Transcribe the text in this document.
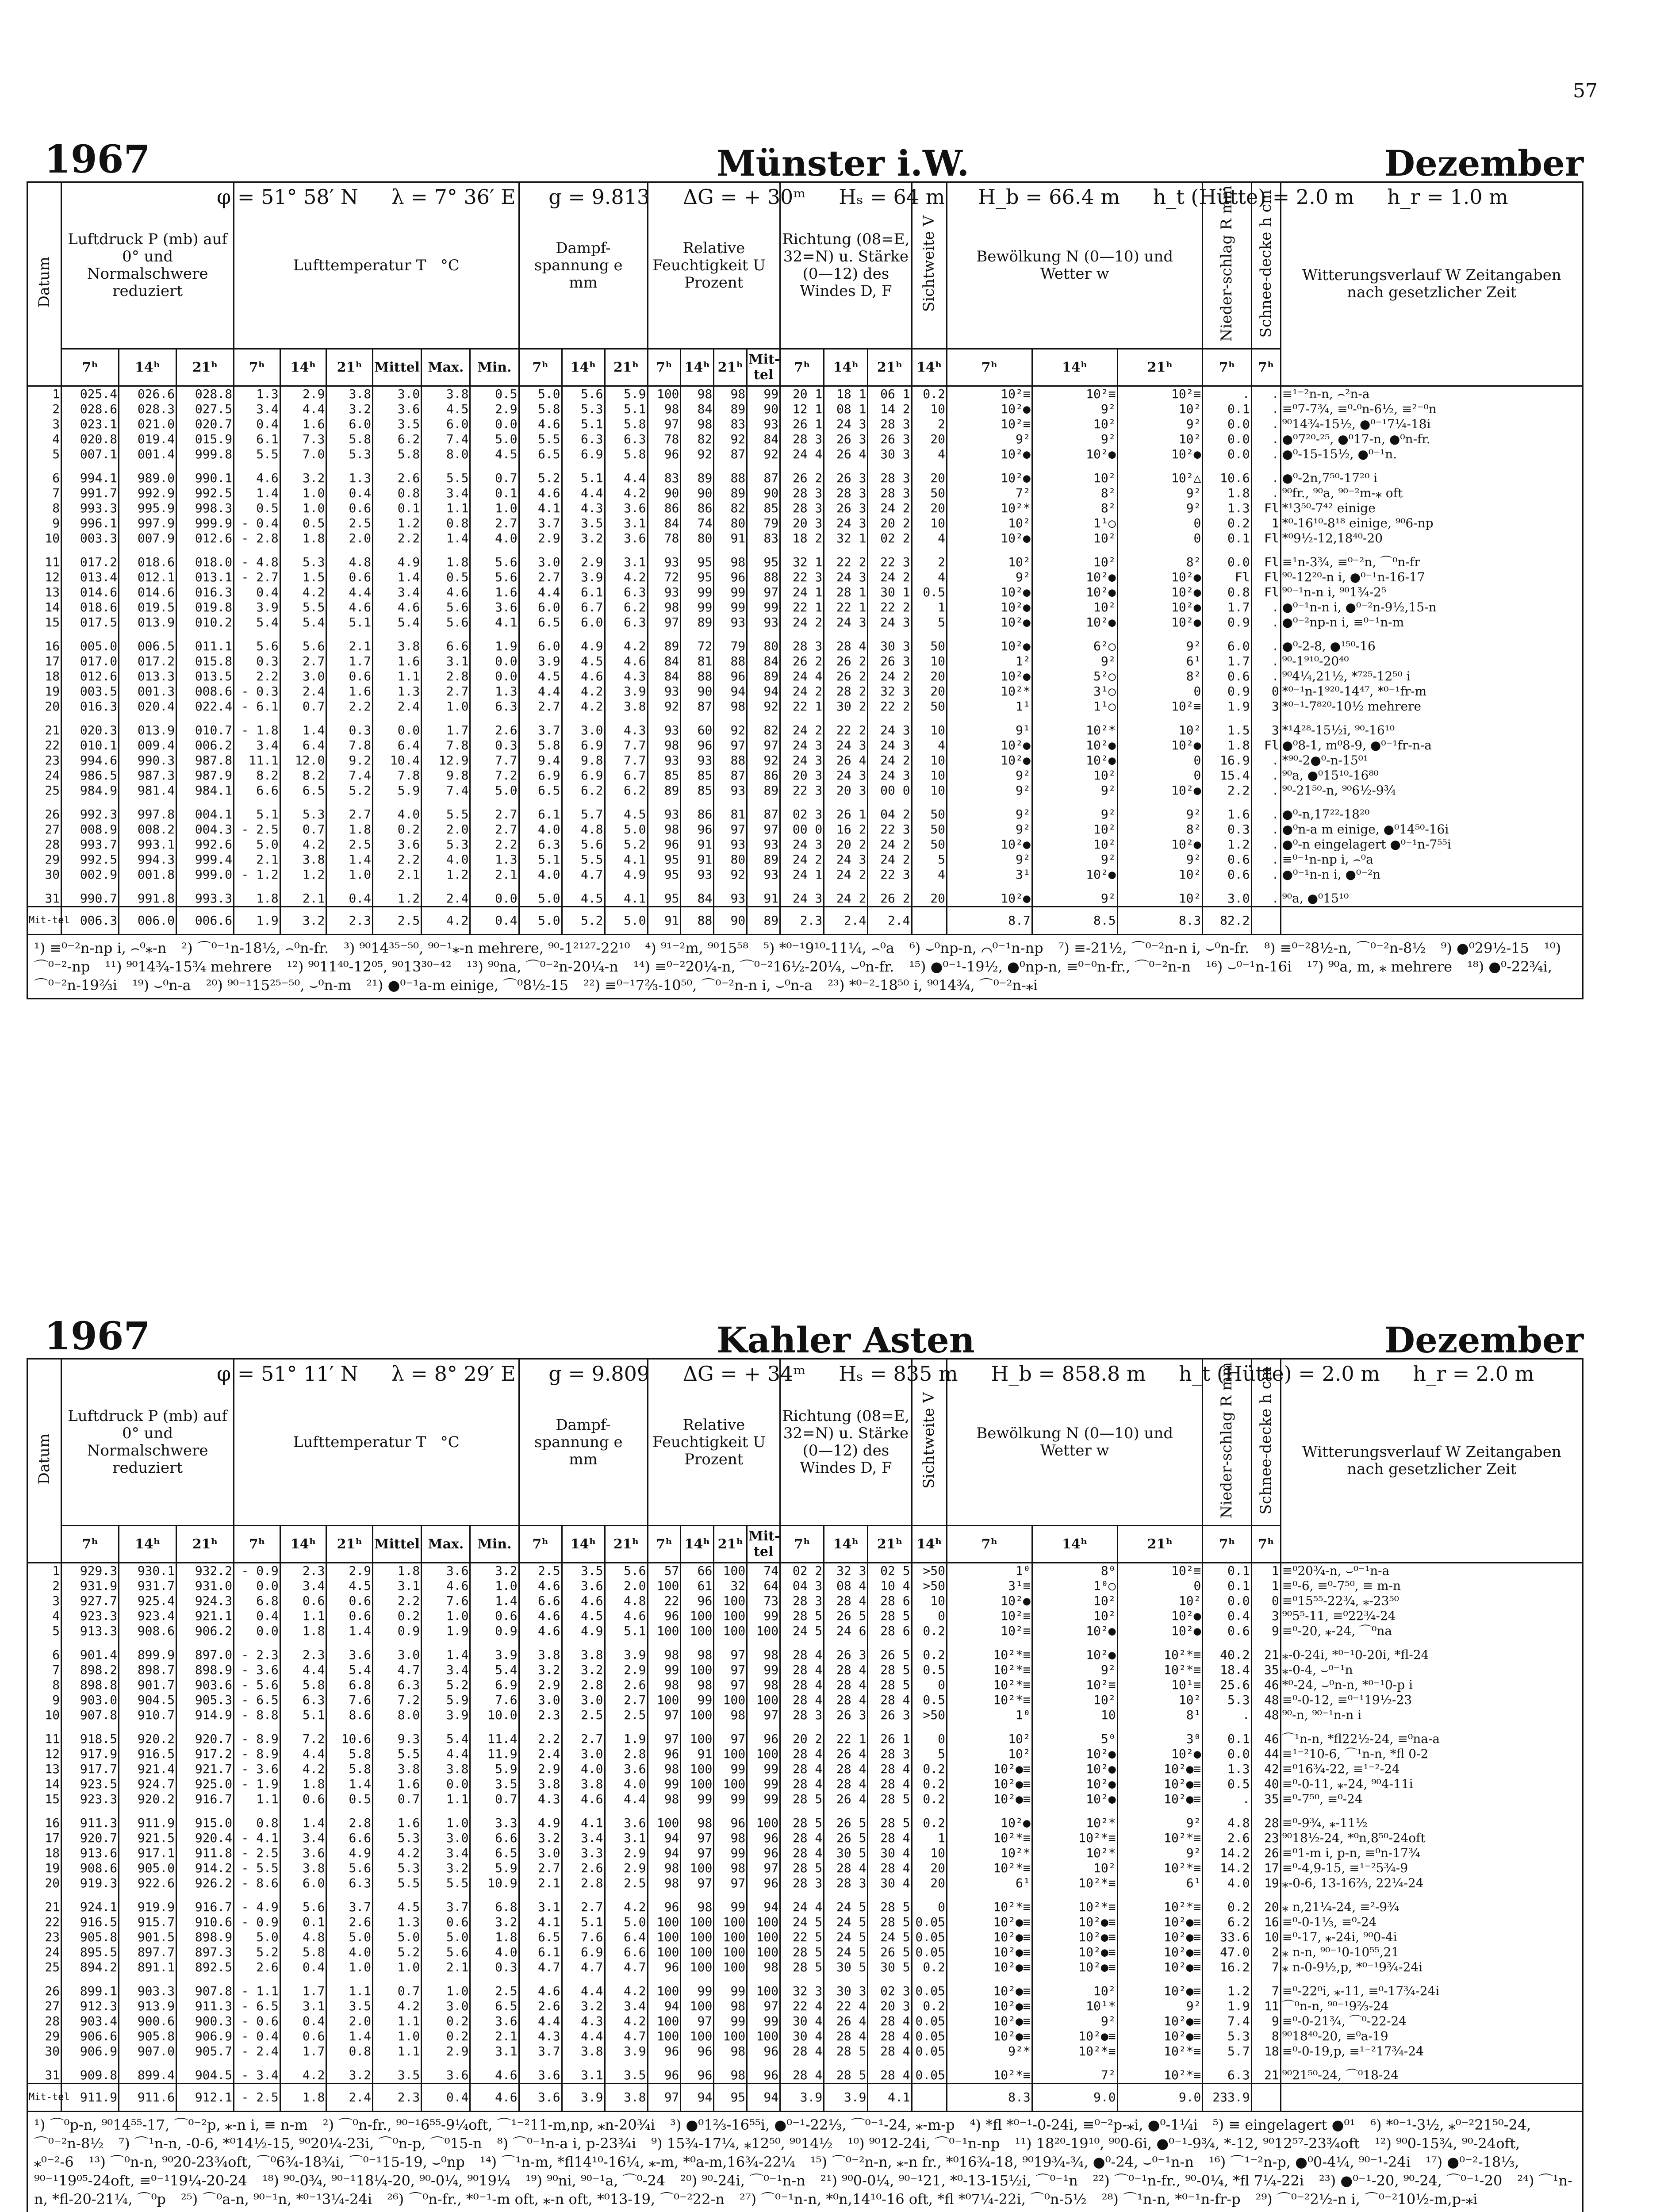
57
1967	Münster i.W.	Dezember
φ = 51° 58′ N λ = 7° 36′ E g = 9.813 ΔG = + 30ᵐ Hₛ = 64 m H_b = 66.4 m h_t (Hütte) = 2.0 m h_r = 1.0 m
Datum	Luftdruck P (mb) auf 0° und Normalschwere reduziert			Lufttemperatur T   °C						Dampf-spannung e   mm			Relative Feuchtigkeit U   Prozent				Richtung (08=E, 32=N) u. Stärke (0—12) des Windes D, F			Sichtweite V	Bewölkung N (0—10) und Wetter w			Nieder-schlag R mm	Schnee-decke h cm	Witterungsverlauf W Zeitangaben nach gesetzlicher Zeit
	7ʰ	14ʰ	21ʰ	7ʰ	14ʰ	21ʰ	Mittel	Max.	Min.	7ʰ	14ʰ	21ʰ	7ʰ	14ʰ	21ʰ	Mit-tel	7ʰ	14ʰ	21ʰ	14ʰ	7ʰ	14ʰ	21ʰ	7ʰ	7ʰ	
1	025.4	026.6	028.8	1.3	2.9	3.8	3.0	3.8	0.5	5.0	5.6	5.9	100	98	98	99	20 1	18 1	06 1	0.2	10²≡	10²≡	10²≡	.	.	≡¹⁻²n-n, ⌢²n-a
2	028.6	028.3	027.5	3.4	4.4	3.2	3.6	4.5	2.9	5.8	5.3	5.1	98	84	89	90	12 1	08 1	14 2	10	10²●	9²	10²	0.1	.	≡⁰7-7¾, ≡⁰-⁰n-6½, ≡²⁻⁰n
3	023.1	021.0	020.7	0.4	1.6	6.0	3.5	6.0	0.0	4.6	5.1	5.8	97	98	83	93	26 1	24 3	28 3	2	10²≡	10²	9²	0.0	.	⁹⁰14¾-15½, ●⁰⁻¹7¼-18i
4	020.8	019.4	015.9	6.1	7.3	5.8	6.2	7.4	5.0	5.5	6.3	6.3	78	82	92	84	28 3	26 3	26 3	20	9²	9²	10²	0.0	.	●⁰7²⁰-²⁵, ●⁰17-n, ●⁰n-fr.
5	007.1	001.4	999.8	5.5	7.0	5.3	5.8	8.0	4.5	6.5	6.9	5.8	96	92	87	92	24 4	26 4	30 3	4	10²●	10²●	10²●	0.0	.	●⁰-15-15½, ●⁰⁻¹n.

6	994.1	989.0	990.1	4.6	3.2	1.3	2.6	5.5	0.7	5.2	5.1	4.4	83	89	88	87	26 2	26 3	28 3	20	10²●	10²	10²△	10.6	.	●⁰-2n,7⁵⁰-17²⁰ i
7	991.7	992.9	992.5	1.4	1.0	0.4	0.8	3.4	0.1	4.6	4.4	4.2	90	90	89	90	28 3	28 3	28 3	50	7²	8²	9²	1.8	.	⁹⁰fr., ⁹⁰a, ⁹⁰⁻²m-⁎ oft
8	993.3	995.9	998.3	0.5	1.0	0.6	0.1	1.1	1.0	4.1	4.3	3.6	86	86	82	85	28 3	26 3	24 2	20	10²*	8²	9²	1.3	Fl	*¹3⁵⁰-7⁴² einige
9	996.1	997.9	999.9	- 0.4	0.5	2.5	1.2	0.8	2.7	3.7	3.5	3.1	84	74	80	79	20 3	24 3	20 2	10	10²	1¹○	0	0.2	1	*⁰-16¹⁰-8¹⁸ einige, ⁹⁰6-np
10	003.3	007.9	012.6	- 2.8	1.8	2.0	2.2	1.4	4.0	2.9	3.2	3.6	78	80	91	83	18 2	32 1	02 2	4	10²●	10²	0	0.1	Fl	*⁰9½-12,18⁴⁰-20

11	017.2	018.6	018.0	- 4.8	5.3	4.8	4.9	1.8	5.6	3.0	2.9	3.1	93	95	98	95	32 1	22 2	22 3	2	10²	10²	8²	0.0	Fl	≡¹n-3¾, ≡⁰⁻²n, ⌒⁰n-fr
12	013.4	012.1	013.1	- 2.7	1.5	0.6	1.4	0.5	5.6	2.7	3.9	4.2	72	95	96	88	22 3	24 3	24 2	4	9²	10²●	10²●	Fl	Fl	⁹⁰-12²⁰-n i, ●⁰⁻¹n-16-17
13	014.6	014.6	016.3	0.4	4.2	4.4	3.4	4.6	1.6	4.4	6.1	6.3	93	99	99	97	24 1	28 1	30 1	0.5	10²●	10²●	10²●	0.8	Fl	⁹⁰⁻¹n-n i, ⁹⁰1¾-2⁵
14	018.6	019.5	019.8	3.9	5.5	4.6	4.6	5.6	3.6	6.0	6.7	6.2	98	99	99	99	22 1	22 1	22 2	1	10²●	10²	10²●	1.7	.	●⁰⁻¹n-n i, ●⁰⁻²n-9½,15-n
15	017.5	013.9	010.2	5.4	5.4	5.1	5.4	5.6	4.1	6.5	6.0	6.3	97	89	93	93	24 2	24 3	24 3	5	10²●	10²●	10²●	0.9	.	●⁰⁻²np-n i, ≡⁰⁻¹n-m

16	005.0	006.5	011.1	5.6	5.6	2.1	3.8	6.6	1.9	6.0	4.9	4.2	89	72	79	80	28 3	28 4	30 3	50	10²●	6²○	9²	6.0	.	●⁰-2-8, ●¹⁵⁰-16
17	017.0	017.2	015.8	0.3	2.7	1.7	1.6	3.1	0.0	3.9	4.5	4.6	84	81	88	84	26 2	26 2	26 3	10	1²	9²	6¹	1.7	.	⁹⁰-1⁹¹⁰-20⁴⁰
18	012.6	013.3	013.5	2.2	3.0	0.6	1.1	2.8	0.0	4.5	4.6	4.3	84	88	96	89	24 4	26 2	24 2	20	10²●	5²○	8²	0.6	.	⁹⁰4¼,21½, *⁷²⁵-12⁵⁰ i
19	003.5	001.3	008.6	- 0.3	2.4	1.6	1.3	2.7	1.3	4.4	4.2	3.9	93	90	94	94	24 2	28 2	32 3	20	10²*	3¹○	0	0.9	0	*⁰⁻¹n-1⁹²⁰-14⁴⁷, *⁰⁻¹fr-m
20	016.3	020.4	022.4	- 6.1	0.7	2.2	2.4	1.0	6.3	2.7	4.2	3.8	92	87	98	92	22 1	30 2	22 2	50	1¹	1¹○	10²≡	1.9	3	*⁰⁻¹-7⁸²⁰-10½ mehrere

21	020.3	013.9	010.7	- 1.8	1.4	0.3	0.0	1.7	2.6	3.7	3.0	4.3	93	60	92	82	24 2	22 2	24 3	10	9¹	10²*	10²	1.5	3	*¹4²⁸-15½i, ⁹⁰-16¹⁰
22	010.1	009.4	006.2	3.4	6.4	7.8	6.4	7.8	0.3	5.8	6.9	7.7	98	96	97	97	24 3	24 3	24 3	4	10²●	10²●	10²●	1.8	Fl	●⁰8-1, m⁰8-9, ●⁰⁻¹fr-n-a
23	994.6	990.3	987.8	11.1	12.0	9.2	10.4	12.9	7.7	9.4	9.8	7.7	93	93	88	92	24 3	26 4	24 2	10	10²●	10²●	0	16.9	.	*⁹⁰-2●⁰-n-15⁰¹
24	986.5	987.3	987.9	8.2	8.2	7.4	7.8	9.8	7.2	6.9	6.9	6.7	85	85	87	86	20 3	24 3	24 3	10	9²	10²	0	15.4	.	⁹⁰a, ●⁰15¹⁰-16⁸⁰
25	984.9	981.4	984.1	6.6	6.5	5.2	5.9	7.4	5.0	6.5	6.2	6.2	89	85	93	89	22 3	20 3	00 0	10	9²	9²	10²●	2.2	.	⁹⁰-21⁵⁰-n, ⁹⁰6½-9¾

26	992.3	997.8	004.1	5.1	5.3	2.7	4.0	5.5	2.7	6.1	5.7	4.5	93	86	81	87	02 3	26 1	04 2	50	9²	9²	9²	1.6	.	●⁰-n,17²²-18²⁰
27	008.9	008.2	004.3	- 2.5	0.7	1.8	0.2	2.0	2.7	4.0	4.8	5.0	98	96	97	97	00 0	16 2	22 3	50	9²	10²	8²	0.3	.	●⁰n-a m einige, ●⁰14⁵⁰-16i
28	993.7	993.1	992.6	5.0	4.2	2.5	3.6	5.3	2.2	6.3	5.6	5.2	96	91	93	93	24 3	20 2	24 2	50	10²●	10²	10²●	1.2	.	●⁰-n eingelagert ●⁰⁻¹n-7⁵⁵i
29	992.5	994.3	999.4	2.1	3.8	1.4	2.2	4.0	1.3	5.1	5.5	4.1	95	91	80	89	24 2	24 3	24 2	5	9²	9²	9²	0.6	.	≡⁰⁻¹n-np i, ⌢⁰a
30	002.9	001.8	999.0	- 1.2	1.2	1.0	2.1	1.2	2.1	4.0	4.7	4.9	95	93	92	93	24 1	24 2	22 3	4	3¹	10²●	10²	0.6	.	●⁰⁻¹n-n i, ●⁰⁻²n

31	990.7	991.8	993.3	1.8	2.1	0.4	1.2	2.4	0.0	5.0	4.5	4.1	95	84	93	91	24 3	24 2	26 2	20	10²●	9²	10²	3.0	.	⁹⁰a, ●⁰15¹⁰
Mit-tel	006.3	006.0	006.6	1.9	3.2	2.3	2.5	4.2	0.4	5.0	5.2	5.0	91	88	90	89	2.3	2.4	2.4		8.7	8.5	8.3	82.2		
¹) ≡⁰⁻²n-np i, ⌢⁰⁎-n ²) ⌒⁰⁻¹n-18½, ⌢⁰n-fr. ³) ⁹⁰14³⁵⁻⁵⁰, ⁹⁰⁻¹⁎-n mehrere, ⁹⁰-1²¹²⁷-22¹⁰ ⁴) ⁹¹⁻²m, ⁹⁰15⁵⁸ ⁵) *⁰⁻¹9¹⁰-11¼, ⌢⁰a ⁶) ⌣⁰np-n, ⌒⁰⁻¹n-np ⁷) ≡-21½, ⌒⁰⁻²n-n i, ⌣⁰n-fr. ⁸) ≡⁰⁻²8½-n, ⌒⁰⁻²n-8½ ⁹) ●⁰29½-15 ¹⁰) ⌒⁰⁻²-np ¹¹) ⁹⁰14¾-15¾ mehrere ¹²) ⁹⁰11⁴⁰-12⁰⁵, ⁹⁰13³⁰⁻⁴² ¹³) ⁹⁰na, ⌒⁰⁻²n-20¼-n ¹⁴) ≡⁰⁻²20¼-n, ⌒⁰⁻²16½-20¼, ⌣⁰n-fr. ¹⁵) ●⁰⁻¹-19½, ●⁰np-n, ≡⁰⁻⁰n-fr., ⌒⁰⁻²n-n ¹⁶) ⌣⁰⁻¹n-16i ¹⁷) ⁹⁰a, m, ⁎ mehrere ¹⁸) ●⁰-22¾i, ⌒⁰⁻²n-19⅔i ¹⁹) ⌣⁰n-a ²⁰) ⁹⁰⁻¹15²⁵⁻⁵⁰, ⌣⁰n-m ²¹) ●⁰⁻¹a-m einige, ⌒⁰8½-15 ²²) ≡⁰⁻¹7⅔-10⁵⁰, ⌒⁰⁻²n-n i, ⌣⁰n-a ²³) *⁰⁻²-18⁵⁰ i, ⁹⁰14¾, ⌒⁰⁻²n-⁎i
1967	Kahler Asten	Dezember
φ = 51° 11′ N λ = 8° 29′ E g = 9.809 ΔG = + 34ᵐ Hₛ = 835 m H_b = 858.8 m h_t (Hütte) = 2.0 m h_r = 2.0 m
Datum	Luftdruck P (mb) auf 0° und Normalschwere reduziert			Lufttemperatur T   °C						Dampf-spannung e   mm			Relative Feuchtigkeit U   Prozent				Richtung (08=E, 32=N) u. Stärke (0—12) des Windes D, F			Sichtweite V	Bewölkung N (0—10) und Wetter w			Nieder-schlag R mm	Schnee-decke h cm	Witterungsverlauf W Zeitangaben nach gesetzlicher Zeit
	7ʰ	14ʰ	21ʰ	7ʰ	14ʰ	21ʰ	Mittel	Max.	Min.	7ʰ	14ʰ	21ʰ	7ʰ	14ʰ	21ʰ	Mit-tel	7ʰ	14ʰ	21ʰ	14ʰ	7ʰ	14ʰ	21ʰ	7ʰ	7ʰ	
1	929.3	930.1	932.2	- 0.9	2.3	2.9	1.8	3.6	3.2	2.5	3.5	5.6	57	66	100	74	02 2	32 3	02 5	>50	1⁰	8⁰	10²≡	0.1	1	≡⁰20¾-n, ⌣⁰⁻¹n-a
2	931.9	931.7	931.0	0.0	3.4	4.5	3.1	4.6	1.0	4.6	3.6	2.0	100	61	32	64	04 3	08 4	10 4	>50	3¹≡	1⁰○	0	0.1	1	≡⁰-6, ≡⁰-7⁵⁰, ≡ m-n
3	927.7	925.4	924.3	6.8	0.6	0.6	2.2	7.6	1.4	6.6	4.6	4.8	22	96	100	73	28 3	28 4	28 6	10	10²●	10²	10²	0.0	0	≡⁰15⁵⁵-22¾, ⁎-23⁵⁰
4	923.3	923.4	921.1	0.4	1.1	0.6	0.2	1.0	0.6	4.6	4.5	4.6	96	100	100	99	28 5	26 5	28 5	0	10²≡	10²	10²●	0.4	3	⁹⁰5⁵-11, ≡⁰22¾-24
5	913.3	908.6	906.2	0.0	1.8	1.4	0.9	1.9	0.9	4.6	4.9	5.1	100	100	100	100	24 5	24 6	28 6	0.2	10²≡	10²●	10²●	0.6	9	≡⁰-20, ⁎-24, ⌒⁰na

6	901.4	899.9	897.0	- 2.3	2.3	3.6	3.0	1.4	3.9	3.8	3.8	3.9	98	98	97	98	28 4	26 3	26 5	0.2	10²*≡	10²●	10²*≡	40.2	21	⁎-0-24i, *⁰⁻¹0-20i, *fl-24
7	898.2	898.7	898.9	- 3.6	4.4	5.4	4.7	3.4	5.4	3.2	3.2	2.9	99	100	97	99	28 4	28 4	28 5	0.5	10²*≡	9²	10²*≡	18.4	35	⁎-0-4, ⌣⁰⁻¹n
8	898.8	901.7	903.6	- 5.6	5.8	6.8	6.3	5.2	6.9	2.9	2.8	2.6	98	98	97	98	28 4	28 4	28 5	0	10²*≡	10²≡	10¹≡	25.6	46	*⁰-24, ⌣⁰n-n, *⁰⁻¹0-p i
9	903.0	904.5	905.3	- 6.5	6.3	7.6	7.2	5.9	7.6	3.0	3.0	2.7	100	99	100	100	28 4	28 4	28 4	0.5	10²*≡	10²	10²	5.3	48	≡⁰-0-12, ≡⁰⁻¹19½-23
10	907.8	910.7	914.9	- 8.8	5.1	8.6	8.0	3.9	10.0	2.3	2.5	2.5	97	100	98	97	28 3	26 3	26 3	>50	1⁰	10	8¹	.	48	⁹⁰-n, ⁹⁰⁻¹n-n i

11	918.5	920.2	920.7	- 8.9	7.2	10.6	9.3	5.4	11.4	2.2	2.7	1.9	97	100	97	96	20 2	22 1	26 1	0	10²	5⁰	3⁰	0.1	46	⌒¹n-n, *fl22½-24, ≡⁰na-a
12	917.9	916.5	917.2	- 8.9	4.4	5.8	5.5	4.4	11.9	2.4	3.0	2.8	96	91	100	100	28 4	26 4	28 3	5	10²	10²●	10²●	0.0	44	≡¹⁻²10-6, ⌒¹n-n, *fl 0-2
13	917.7	921.4	921.7	- 3.6	4.2	5.8	3.8	3.8	5.9	2.9	4.0	3.6	98	100	99	99	28 4	28 4	28 4	0.2	10²●≡	10²●	10²●≡	1.3	42	≡⁰16¾-22, ≡¹⁻²-24
14	923.5	924.7	925.0	- 1.9	1.8	1.4	1.6	0.0	3.5	3.8	3.8	4.0	99	100	100	99	28 4	28 4	28 4	0.2	10²●≡	10²●	10²●≡	0.5	40	≡⁰-0-11, ⁎-24, ⁹⁰4-11i
15	923.3	920.2	916.7	1.1	0.6	0.5	0.7	1.1	0.7	4.3	4.6	4.4	98	99	99	99	28 5	26 4	28 5	0.2	10²●≡	10²●	10²●≡	.	35	≡⁰-7⁵⁰, ≡⁰-24

16	911.3	911.9	915.0	0.8	1.4	2.8	1.6	1.0	3.3	4.9	4.1	3.6	100	98	96	100	28 5	26 5	28 5	0.2	10²●	10²*	9²	4.8	28	≡⁰-9¾, ⁎-11½
17	920.7	921.5	920.4	- 4.1	3.4	6.6	5.3	3.0	6.6	3.2	3.4	3.1	94	97	98	96	28 4	26 5	28 4	1	10²*≡	10²*≡	10²*≡	2.6	23	⁹⁰18½-24, *⁰n,8⁵⁰-24oft
18	913.6	917.1	911.8	- 2.5	3.6	4.9	4.2	3.4	6.5	3.0	3.3	2.9	94	97	99	96	28 4	30 5	30 4	10	10²*	10²*	9²	14.2	26	≡⁰1-m i, p-n, ≡⁰n-17¾
19	908.6	905.0	914.2	- 5.5	3.8	5.6	5.3	3.2	5.9	2.7	2.6	2.9	98	100	98	97	28 5	28 4	28 4	20	10²*≡	10²	10²*≡	14.2	17	≡⁰-4,9-15, ≡¹⁻²5¾-9
20	919.3	922.6	926.2	- 8.6	6.0	6.3	5.5	5.5	10.9	2.1	2.8	2.5	98	97	97	96	28 3	28 3	30 4	20	6¹	10²*≡	6¹	4.0	19	⁎-0-6, 13-16⅔, 22¼-24

21	924.1	919.9	916.7	- 4.9	5.6	3.7	4.5	3.7	6.8	3.1	2.7	4.2	96	98	99	94	24 4	24 5	28 5	0	10²*≡	10²*≡	10²*≡	0.2	20	⁎ n,21¼-24, ≡²-9¾
22	916.5	915.7	910.6	- 0.9	0.1	2.6	1.3	0.6	3.2	4.1	5.1	5.0	100	100	100	100	24 5	24 5	28 5	0.05	10²●≡	10²●≡	10²●≡	6.2	16	≡⁰-0-1⅓, ≡⁰-24
23	905.8	901.5	898.9	5.0	4.8	5.0	5.0	5.0	1.8	6.5	7.6	6.4	100	100	100	100	22 5	24 5	24 5	0.05	10²●≡	10²●≡	10²●≡	33.6	10	≡⁰-17, ⁎-24i, ⁹⁰0-4i
24	895.5	897.7	897.3	5.2	5.8	4.0	5.2	5.6	4.0	6.1	6.9	6.6	100	100	100	100	28 5	24 5	26 5	0.05	10²●≡	10²●≡	10²●≡	47.0	2	⁎ n-n, ⁹⁰⁻¹0-10⁵⁵,21
25	894.2	891.1	892.5	2.6	0.4	1.0	1.0	2.1	0.3	4.7	4.7	4.7	96	100	100	98	28 5	30 5	30 5	0.2	10²●≡	10²●≡	10²●≡	16.2	7	⁎ n-0-9½,p, *⁰⁻¹9¾-24i

26	899.1	903.3	907.8	- 1.1	1.7	1.1	0.7	1.0	2.5	4.6	4.4	4.2	100	99	99	100	32 3	30 3	02 3	0.05	10²●≡	10²	10²●≡	1.2	7	≡⁰-22⁰i, ⁎-11, ≡⁰-17¾-24i
27	912.3	913.9	911.3	- 6.5	3.1	3.5	4.2	3.0	6.5	2.6	3.2	3.4	94	100	98	97	22 4	22 4	20 3	0.2	10²●≡	10¹*	9²	1.9	11	⌒⁰n-n, ⁹⁰⁻¹9⅔-24
28	903.4	900.6	900.3	- 0.6	0.4	2.0	1.1	0.2	3.6	4.4	4.3	4.2	100	97	99	99	30 4	26 4	28 4	0.05	10²●≡	9²	10²●≡	7.4	9	≡⁰-0-21¾, ⌒⁰-22-24
29	906.6	905.8	906.9	- 0.4	0.6	1.4	1.0	0.2	2.1	4.3	4.4	4.7	100	100	100	100	30 4	28 4	28 4	0.05	10²●≡	10²●≡	10²●≡	5.3	8	⁹⁰18⁴⁰-20, ≡⁰a-19
30	906.9	907.0	905.7	- 2.4	1.7	0.8	1.1	2.9	3.1	3.7	3.8	3.9	96	96	98	96	28 4	28 5	28 4	0.05	9²*	10²*≡	10²*≡	5.7	18	≡⁰-0-19,p, ≡¹⁻²17¾-24

31	909.8	899.4	904.5	- 3.4	4.2	3.2	3.5	3.6	4.6	3.6	3.1	3.5	96	96	98	96	28 4	28 5	28 4	0.05	10²*≡	7²	10²*≡	6.3	21	⁹⁰21⁵⁰-24, ⌒⁰18-24
Mit-tel	911.9	911.6	912.1	- 2.5	1.8	2.4	2.3	0.4	4.6	3.6	3.9	3.8	97	94	95	94	3.9	3.9	4.1		8.3	9.0	9.0	233.9		
¹) ⌒⁰p-n, ⁹⁰14⁵⁵-17, ⌒⁰⁻²p, ⁎-n i, ≡ n-m ²) ⌒⁰n-fr., ⁹⁰⁻¹6⁵⁵-9¼oft, ⌒¹⁻²11-m,np, ⁎n-20¾i ³) ●⁰1⅔-16⁵⁵i, ●⁰⁻¹-22⅓, ⌒⁰⁻¹-24, ⁎-m-p ⁴) *fl *⁰⁻¹-0-24i, ≡⁰⁻²p-⁎i, ●⁰-1¼i ⁵) ≡ eingelagert ●⁰¹ ⁶) *⁰⁻¹-3½, ⁎⁰⁻²21⁵⁰-24, ⌒⁰⁻²n-8½ ⁷) ⌒¹n-n, -0-6, *⁰14½-15, ⁹⁰20¼-23i, ⌒⁰n-p, ⌒⁰15-n ⁸) ⌒⁰⁻¹n-a i, p-23¾i ⁹) 15¾-17¼, ⁎12⁵⁰, ⁹⁰14½ ¹⁰) ⁹⁰12-24i, ⌒⁰⁻¹n-np ¹¹) 18²⁰-19¹⁰, ⁹⁰0-6i, ●⁰⁻¹-9¾, *-12, ⁹⁰12⁵⁷-23¾oft ¹²) ⁹⁰0-15¾, ⁹⁰-24oft, ⁎⁰⁻²-6 ¹³) ⌒⁰n-n, ⁹⁰20-23¾oft, ⌒⁰6¾-18¾i, ⌒⁰⁻¹15-19, ⌣⁰np ¹⁴) ⌒¹n-m, *fl14¹⁰-16¼, ⁎-m, *⁰a-m,16¾-22¼ ¹⁵) ⌒⁰⁻²n-n, ⁎-n fr., *⁰16¾-18, ⁹⁰19¾-¾, ●⁰-24, ⌣⁰⁻¹n-n ¹⁶) ⌒¹⁻²n-p, ●⁰0-4¼, ⁹⁰⁻¹-24i ¹⁷) ●⁰⁻²-18⅓, ⁹⁰⁻¹19⁰⁵-24oft, ≡⁰⁻¹19¼-20-24 ¹⁸) ⁹⁰-0¾, ⁹⁰⁻¹18¼-20, ⁹⁰-0¼, ⁹⁰19¼ ¹⁹) ⁹⁰ni, ⁹⁰⁻¹a, ⌒⁰-24 ²⁰) ⁹⁰-24i, ⌒⁰⁻¹n-n ²¹) ⁹⁰0-0¼, ⁹⁰⁻¹21, *⁰-13-15½i, ⌒⁰⁻¹n ²²) ⌒⁰⁻¹n-fr., ⁹⁰-0¼, *fl 7¼-22i ²³) ●⁰⁻¹-20, ⁹⁰-24, ⌒⁰⁻¹-20 ²⁴) ⌒¹n-n, *fl-20-21¼, ⌒⁰p ²⁵) ⌒⁰a-n, ⁹⁰⁻¹n, *⁰⁻¹3¼-24i ²⁶) ⌒⁰n-fr., *⁰⁻¹-m oft, ⁎-n oft, *⁰13-19, ⌒⁰⁻²22-n ²⁷) ⌒⁰⁻¹n-n, *⁰n,14¹⁰-16 oft, *fl *⁰7¼-22i, ⌒⁰n-5½ ²⁸) ⌒¹n-n, *⁰⁻¹n-fr-p ²⁹) ⌒⁰⁻²2½-n i, ⌒⁰⁻²10½-m,p-⁎i
